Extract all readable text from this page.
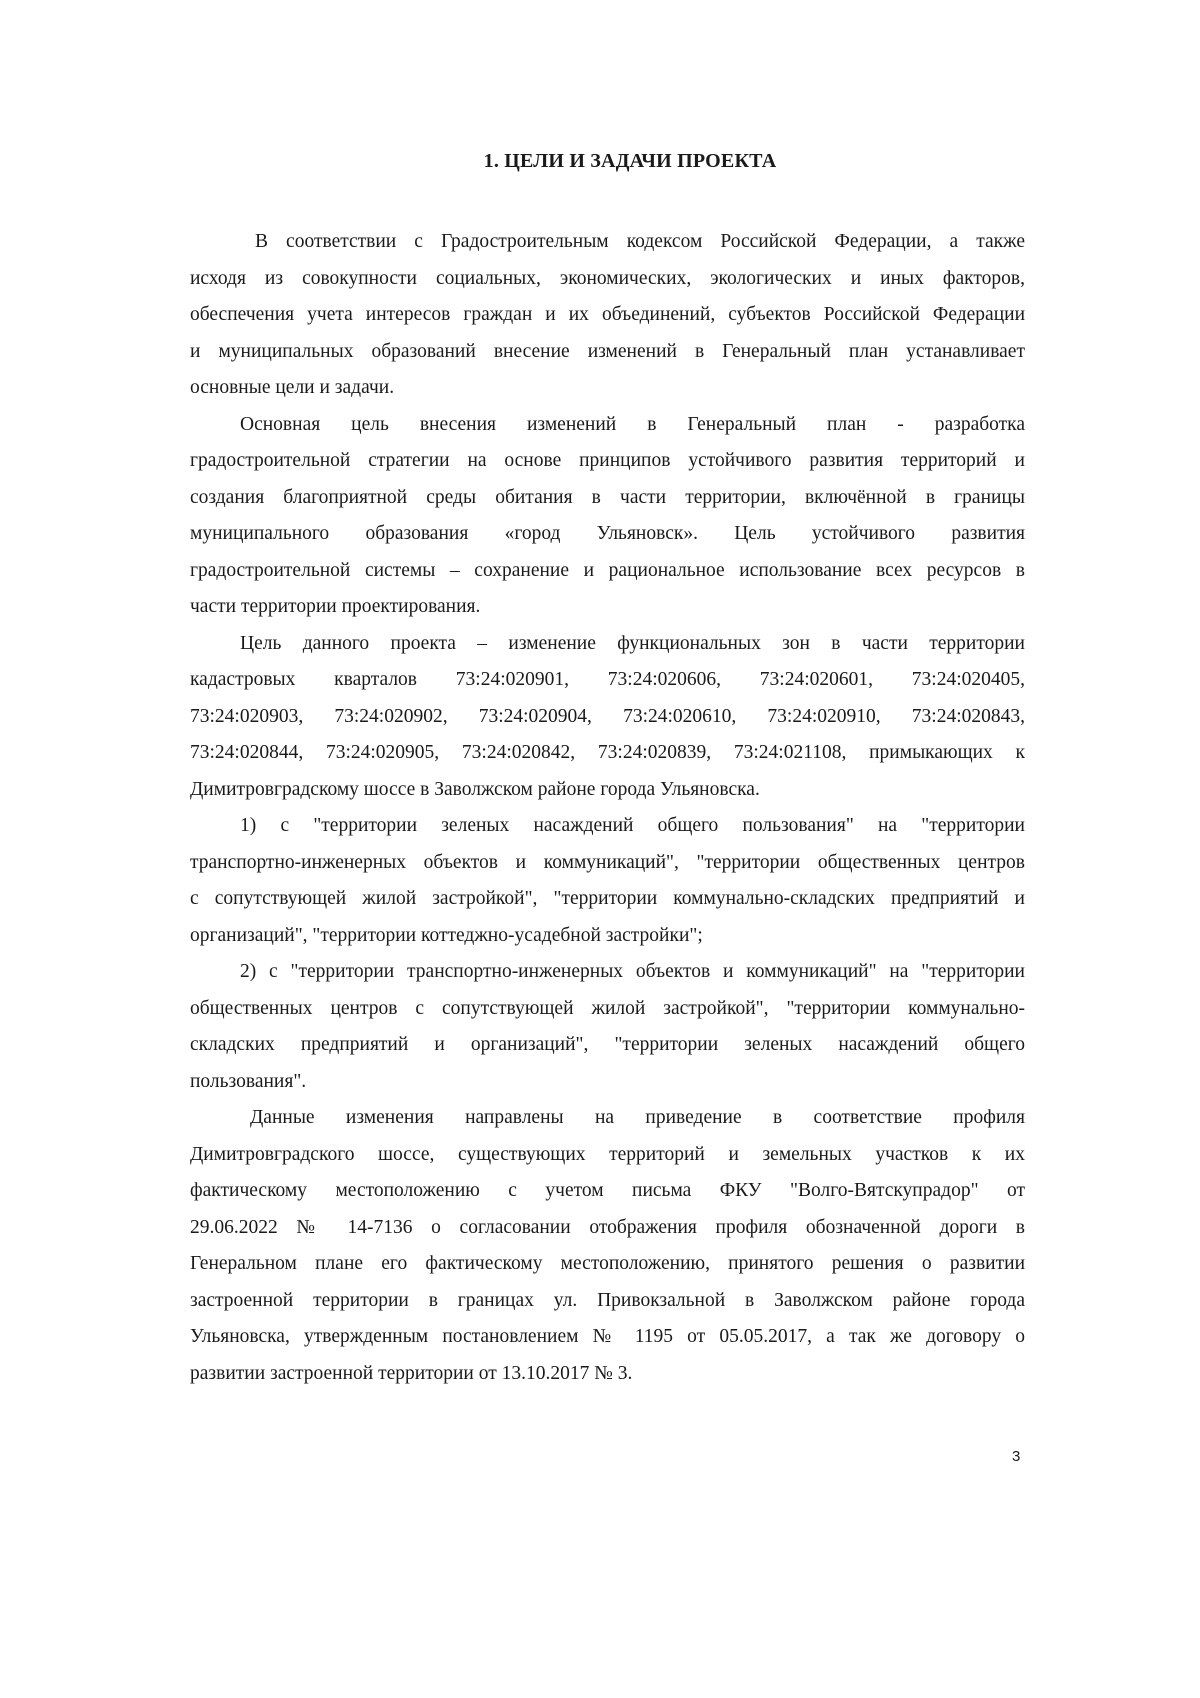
1. ЦЕЛИ И ЗАДАЧИ ПРОЕКТА
В соответствии с Градостроительным кодексом Российской Федерации, а также
исходя из совокупности социальных, экономических, экологических и иных факторов,
обеспечения учета интересов граждан и их объединений, субъектов Российской Федерации
и муниципальных образований внесение изменений в Генеральный план устанавливает
основные цели и задачи.
Основная цель внесения изменений в Генеральный план - разработка
градостроительной стратегии на основе принципов устойчивого развития территорий и
создания благоприятной среды обитания в части территории, включённой в границы
муниципального образования «город Ульяновск». Цель устойчивого развития
градостроительной системы – сохранение и рациональное использование всех ресурсов в
части территории проектирования.
Цель данного проекта – изменение функциональных зон в части территории
кадастровых кварталов 73:24:020901, 73:24:020606, 73:24:020601, 73:24:020405,
73:24:020903, 73:24:020902, 73:24:020904, 73:24:020610, 73:24:020910, 73:24:020843,
73:24:020844, 73:24:020905, 73:24:020842, 73:24:020839, 73:24:021108, примыкающих к
Димитровградскому шоссе в Заволжском районе города Ульяновска.
1) с "территории зеленых насаждений общего пользования" на "территории
транспортно-инженерных объектов и коммуникаций", "территории общественных центров
с сопутствующей жилой застройкой", "территории коммунально-складских предприятий и
организаций", "территории коттеджно-усадебной застройки";
2) с "территории транспортно-инженерных объектов и коммуникаций" на "территории
общественных центров с сопутствующей жилой застройкой", "территории коммунально-
складских предприятий и организаций", "территории зеленых насаждений общего
пользования".
Данные изменения направлены на приведение в соответствие профиля
Димитровградского шоссе, существующих территорий и земельных участков к их
фактическому местоположению с учетом письма ФКУ "Волго-Вятскупрадор" от
29.06.2022 № 14-7136 о согласовании отображения профиля обозначенной дороги в
Генеральном плане его фактическому местоположению, принятого решения о развитии
застроенной территории в границах ул. Привокзальной в Заволжском районе города
Ульяновска, утвержденным постановлением № 1195 от 05.05.2017, а так же договору о
развитии застроенной территории от 13.10.2017 № 3.
3
